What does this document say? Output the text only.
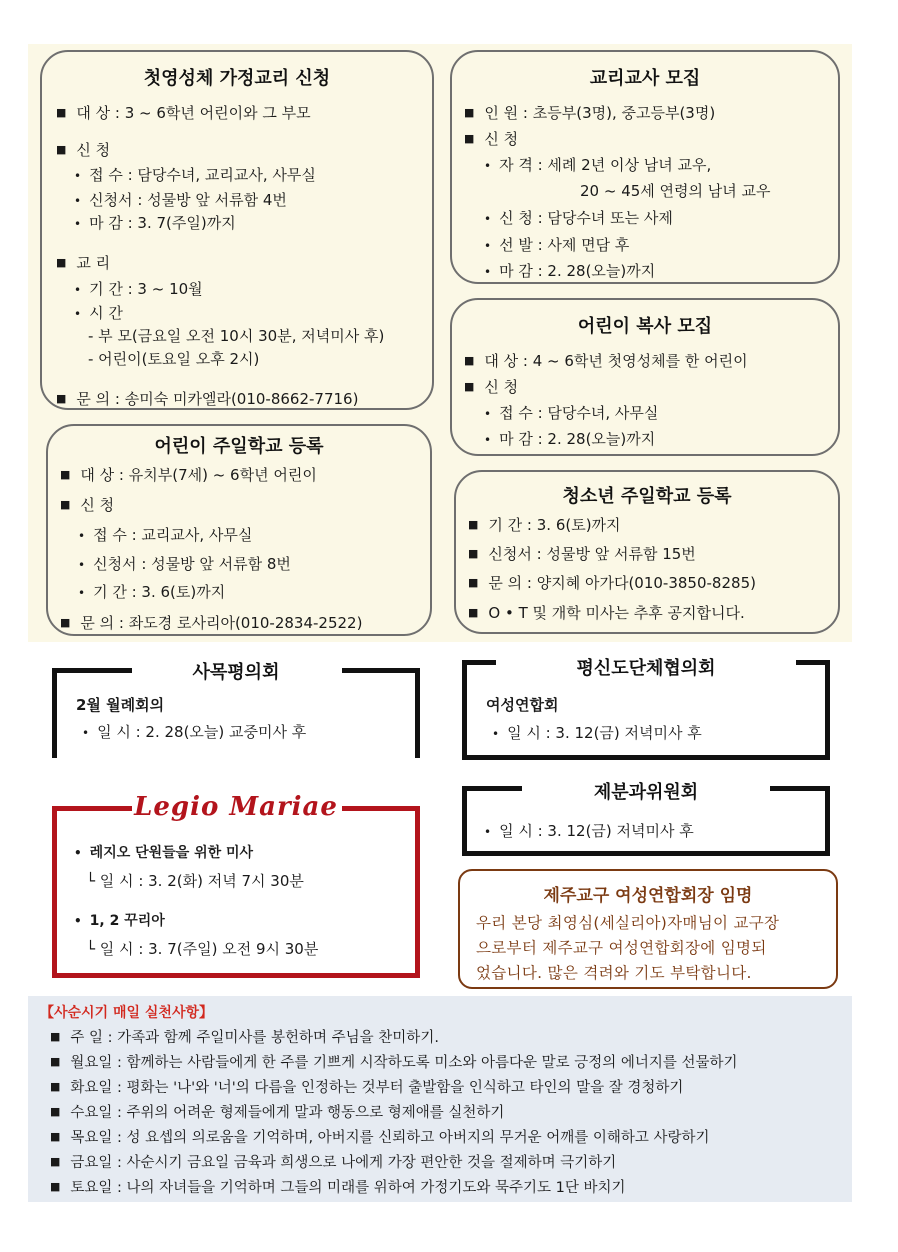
첫영성체 가정교리 신청
■ 대 상 : 3 ~ 6학년 어린이와 그 부모
■ 신 청
• 접 수 : 담당수녀, 교리교사, 사무실
• 신청서 : 성물방 앞 서류함 4번
• 마 감 : 3. 7(주일)까지
■ 교 리
• 기 간 : 3 ~ 10월
• 시 간
- 부 모(금요일 오전 10시 30분, 저녁미사 후)
- 어린이(토요일 오후 2시)
■ 문 의 : 송미숙 미카엘라(010-8662-7716)
교리교사 모집
■ 인 원 : 초등부(3명), 중고등부(3명)
■ 신 청
• 자 격 : 세례 2년 이상 남녀 교우,
20 ~ 45세 연령의 남녀 교우
• 신 청 : 담당수녀 또는 사제
• 선 발 : 사제 면담 후
• 마 감 : 2. 28(오늘)까지
어린이 복사 모집
■ 대 상 : 4 ~ 6학년 첫영성체를 한 어린이
■ 신 청
• 접 수 : 담당수녀, 사무실
• 마 감 : 2. 28(오늘)까지
어린이 주일학교 등록
■ 대 상 : 유치부(7세) ~ 6학년 어린이
■ 신 청
• 접 수 : 교리교사, 사무실
• 신청서 : 성물방 앞 서류함 8번
• 기 간 : 3. 6(토)까지
■ 문 의 : 좌도경 로사리아(010-2834-2522)
청소년 주일학교 등록
■ 기 간 : 3. 6(토)까지
■ 신청서 : 성물방 앞 서류함 15번
■ 문 의 : 양지혜 아가다(010-3850-8285)
■ O • T 및 개학 미사는 추후 공지합니다.
사목평의회
2월 월례회의
• 일 시 : 2. 28(오늘) 교중미사 후
평신도단체협의회
여성연합회
• 일 시 : 3. 12(금) 저녁미사 후
제분과위원회
• 일 시 : 3. 12(금) 저녁미사 후
Legio Mariae
• 레지오 단원들을 위한 미사
└ 일 시 : 3. 2(화) 저녁 7시 30분
• 1, 2 꾸리아
└ 일 시 : 3. 7(주일) 오전 9시 30분
제주교구 여성연합회장 임명
우리 본당 최영심(세실리아)자매님이 교구장
으로부터 제주교구 여성연합회장에 임명되
었습니다. 많은 격려와 기도 부탁합니다.
【사순시기 매일 실천사항】
■ 주 일 : 가족과 함께 주일미사를 봉헌하며 주님을 찬미하기.
■ 월요일 : 함께하는 사람들에게 한 주를 기쁘게 시작하도록 미소와 아름다운 말로 긍정의 에너지를 선물하기
■ 화요일 : 평화는 '나'와 '너'의 다름을 인정하는 것부터 출발함을 인식하고 타인의 말을 잘 경청하기
■ 수요일 : 주위의 어려운 형제들에게 말과 행동으로 형제애를 실천하기
■ 목요일 : 성 요셉의 의로움을 기억하며, 아버지를 신뢰하고 아버지의 무거운 어깨를 이해하고 사랑하기
■ 금요일 : 사순시기 금요일 금육과 희생으로 나에게 가장 편안한 것을 절제하며 극기하기
■ 토요일 : 나의 자녀들을 기억하며 그들의 미래를 위하여 가정기도와 묵주기도 1단 바치기
